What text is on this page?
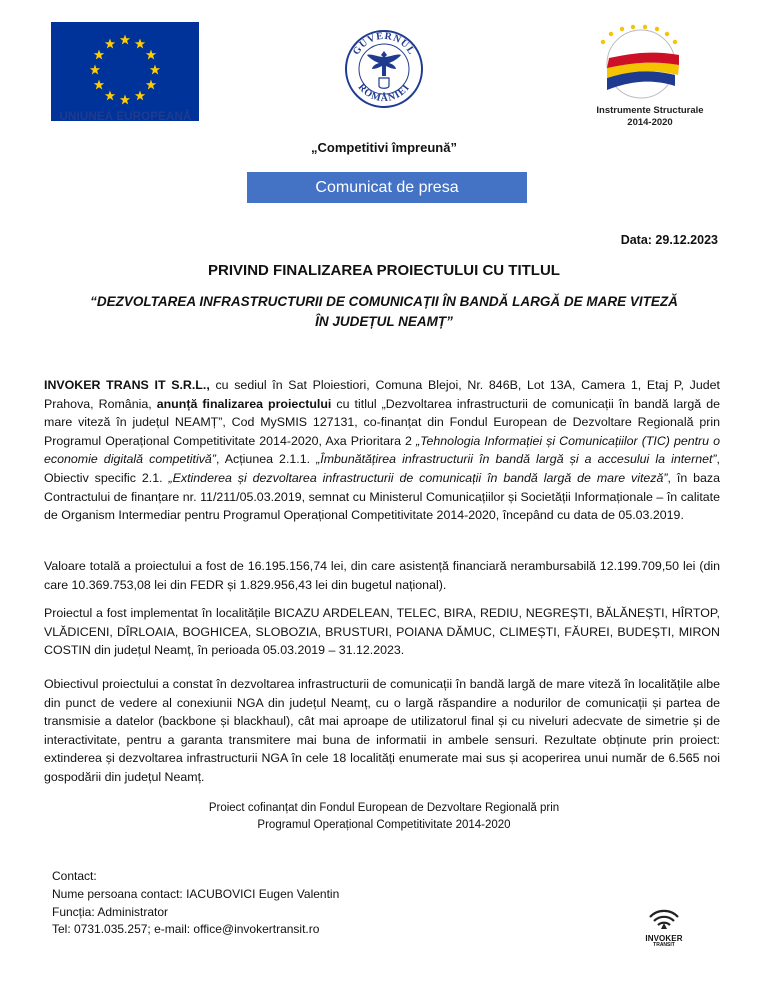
UNIUNEA EUROPEANĂ
GUVERNUL
ROMÂNIEI
Instrumente Structurale
2014-2020
„Competitivi împreună”
Comunicat de presa
Data: 29.12.2023
PRIVIND FINALIZAREA PROIECTULUI CU TITLUL
“DEZVOLTAREA INFRASTRUCTURII DE COMUNICAȚII ÎN BANDĂ LARGĂ DE MARE VITEZĂ
ÎN JUDEȚUL NEAMȚ”

INVOKER TRANS IT S.R.L., cu sediul în Sat Ploiestiori, Comuna Blejoi, Nr. 846B, Lot 13A, Camera 1, Etaj P, Judet Prahova, România, anunță finalizarea proiectului cu titlul „Dezvoltarea infrastructurii de comunicații în bandă largă de mare viteză în județul NEAMȚ”, Cod MySMIS 127131, co-finanțat din Fondul European de Dezvoltare Regională prin Programul Operațional Competitivitate 2014-2020, Axa Prioritara 2 „Tehnologia Informației și Comunicațiilor (TIC) pentru o economie digitală competitivă”, Acțiunea 2.1.1. „Îmbunătățirea infrastructurii în bandă largă și a accesului la internet”, Obiectiv specific 2.1. „Extinderea și dezvoltarea infrastructurii de comunicații în bandă largă de mare viteză”, în baza Contractului de finanțare nr. 11/211/05.03.2019, semnat cu Ministerul Comunicațiilor și Societății Informaționale – în calitate de Organism Intermediar pentru Programul Operațional Competitivitate 2014-2020, începând cu data de 05.03.2019.

Valoare totală a proiectului a fost de 16.195.156,74 lei, din care asistență financiară nerambursabilă 12.199.709,50 lei (din care 10.369.753,08 lei din FEDR și 1.829.956,43 lei din bugetul național).

Proiectul a fost implementat în localitățile BICAZU ARDELEAN, TELEC, BIRA, REDIU, NEGREȘTI, BĂLĂNEȘTI, HÎRTOP, VLĂDICENI, DÎRLOAIA, BOGHICEA, SLOBOZIA, BRUSTURI, POIANA DĂMUC, CLIMEȘTI, FĂUREI, BUDEȘTI, MIRON COSTIN din județul Neamț, în perioada 05.03.2019 – 31.12.2023.

Obiectivul proiectului a constat în dezvoltarea infrastructurii de comunicații în bandă largă de mare viteză în localitățile albe din punct de vedere al conexiunii NGA din județul Neamț, cu o largă răspandire a nodurilor de comunicații și partea de transmisie a datelor (backbone și blackhaul), cât mai aproape de utilizatorul final și cu niveluri adecvate de simetrie și de interactivitate, pentru a garanta transmitere mai buna de informatii in ambele sensuri. Rezultate obținute prin proiect: extinderea și dezvoltarea infrastructurii NGA în cele 18 localități enumerate mai sus și acoperirea unui număr de 6.565 noi gospodării din județul Neamț.

Proiect cofinanțat din Fondul European de Dezvoltare Regională prin
Programul Operațional Competitivitate 2014-2020
Contact:
Nume persoana contact: IACUBOVICI Eugen Valentin
Funcția: Administrator
Tel: 0731.035.257; e-mail: office@invokertransit.ro
INVOKER
TRANSIT
